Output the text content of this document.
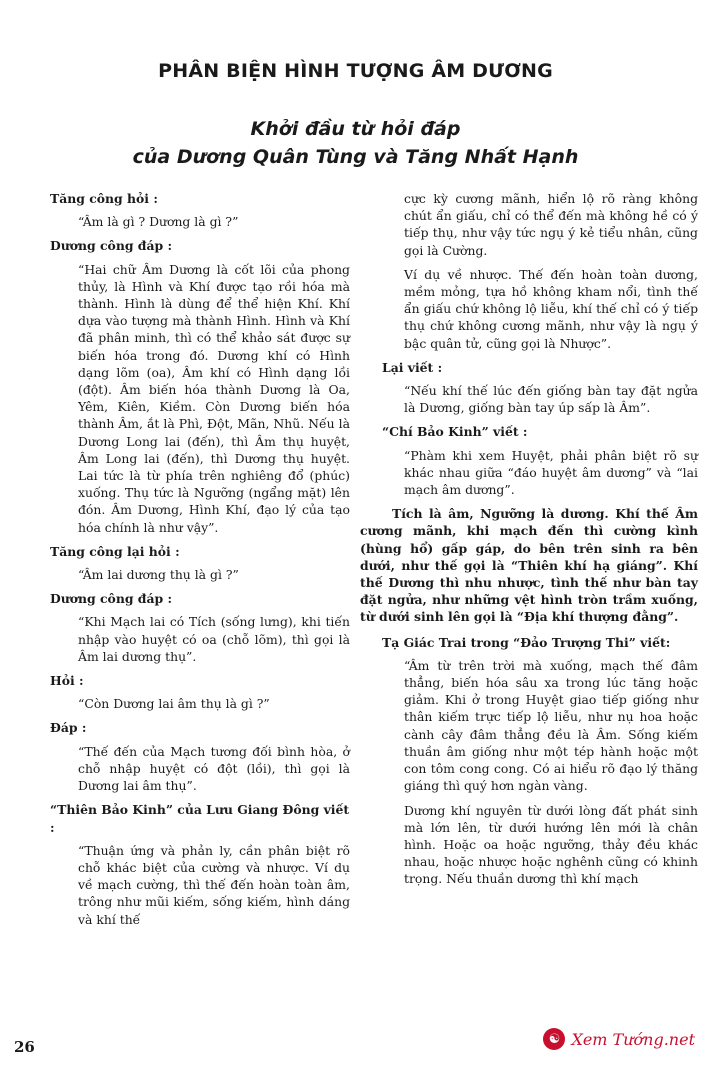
PHÂN BIỆN HÌNH TƯỢNG ÂM DƯƠNG
Khởi đầu từ hỏi đáp
của Dương Quân Tùng và Tăng Nhất Hạnh
Tăng công hỏi :
“Âm là gì ? Dương là gì ?”
Dương công đáp :
“Hai chữ Âm Dương là cốt lõi của phong thủy, là Hình và Khí được tạo rồi hóa mà thành. Hình là dùng để thể hiện Khí. Khí dựa vào tượng mà thành Hình. Hình và Khí đã phân minh, thì có thể khảo sát được sự biến hóa trong đó. Dương khí có Hình dạng lõm (oa), Âm khí có Hình dạng lồi (đột). Âm biến hóa thành Dương là Oa, Yêm, Kiên, Kiềm. Còn Dương biến hóa thành Âm, ắt là Phì, Đột, Mãn, Nhũ. Nếu là Dương Long lai (đến), thì Âm thụ huyệt, Âm Long lai (đến), thì Dương thụ huyệt. Lai tức là từ phía trên nghiêng đổ (phúc) xuống. Thụ tức là Ngưỡng (ngẩng mặt) lên đón. Âm Dương, Hình Khí, đạo lý của tạo hóa chính là như vậy”.
Tăng công lại hỏi :
“Âm lai dương thụ là gì ?”
Dương công đáp :
“Khi Mạch lai có Tích (sống lưng), khi tiến nhập vào huyệt có oa (chỗ lõm), thì gọi là Âm lai dương thụ”.
Hỏi :
“Còn Dương lai âm thụ là gì ?”
Đáp :
“Thế đến của Mạch tương đối bình hòa, ở chỗ nhập huyệt có đột (lồi), thì gọi là Dương lai âm thụ”.
“Thiên Bảo Kinh” của Lưu Giang Đông viết :
“Thuận ứng và phản ly, cần phân biệt rõ chỗ khác biệt của cường và nhược. Ví dụ về mạch cường, thì thế đến hoàn toàn âm, trông như mũi kiếm, sống kiếm, hình dáng và khí thế
cực kỳ cương mãnh, hiển lộ rõ ràng không chút ẩn giấu, chỉ có thể đến mà không hề có ý tiếp thụ, như vậy tức ngụ ý kẻ tiểu nhân, cũng gọi là Cường.
Ví dụ về nhược. Thế đến hoàn toàn dương, mềm mỏng, tựa hồ không kham nổi, tình thế ẩn giấu chứ không lộ liễu, khí thế chỉ có ý tiếp thụ chứ không cương mãnh, như vậy là ngụ ý bậc quân tử, cũng gọi là Nhược”.
Lại viết :
“Nếu khí thế lúc đến giống bàn tay đặt ngửa là Dương, giống bàn tay úp sấp là Âm”.
“Chí Bảo Kinh” viết :
“Phàm khi xem Huyệt, phải phân biệt rõ sự khác nhau giữa “đáo huyệt âm dương” và “lai mạch âm dương”.
Tích là âm, Ngưỡng là dương. Khí thế Âm cương mãnh, khi mạch đến thì cường kình (hùng hổ) gấp gáp, do bên trên sinh ra bên dưới, như thế gọi là “Thiên khí hạ giáng”. Khí thế Dương thì nhu nhược, tình thế như bàn tay đặt ngửa, như những vệt hình tròn trầm xuống, từ dưới sinh lên gọi là “Địa khí thượng đằng”.
Tạ Giác Trai trong “Đảo Trượng Thi” viết:
“Âm từ trên trời mà xuống, mạch thế đâm thẳng, biến hóa sâu xa trong lúc tăng hoặc giảm. Khi ở trong Huyệt giao tiếp giống như thân kiếm trực tiếp lộ liễu, như nụ hoa hoặc cành cây đâm thẳng đều là Âm. Sống kiếm thuần âm giống như một tép hành hoặc một con tôm cong cong. Có ai hiểu rõ đạo lý thăng giáng thì quý hơn ngàn vàng.
Dương khí nguyên từ dưới lòng đất phát sinh mà lớn lên, từ dưới hướng lên mới là chân hình. Hoặc oa hoặc ngưỡng, thảy đều khác nhau, hoặc nhược hoặc nghênh cũng có khinh trọng. Nếu thuần dương thì khí mạch
26	☯ Xem Tướng.net
